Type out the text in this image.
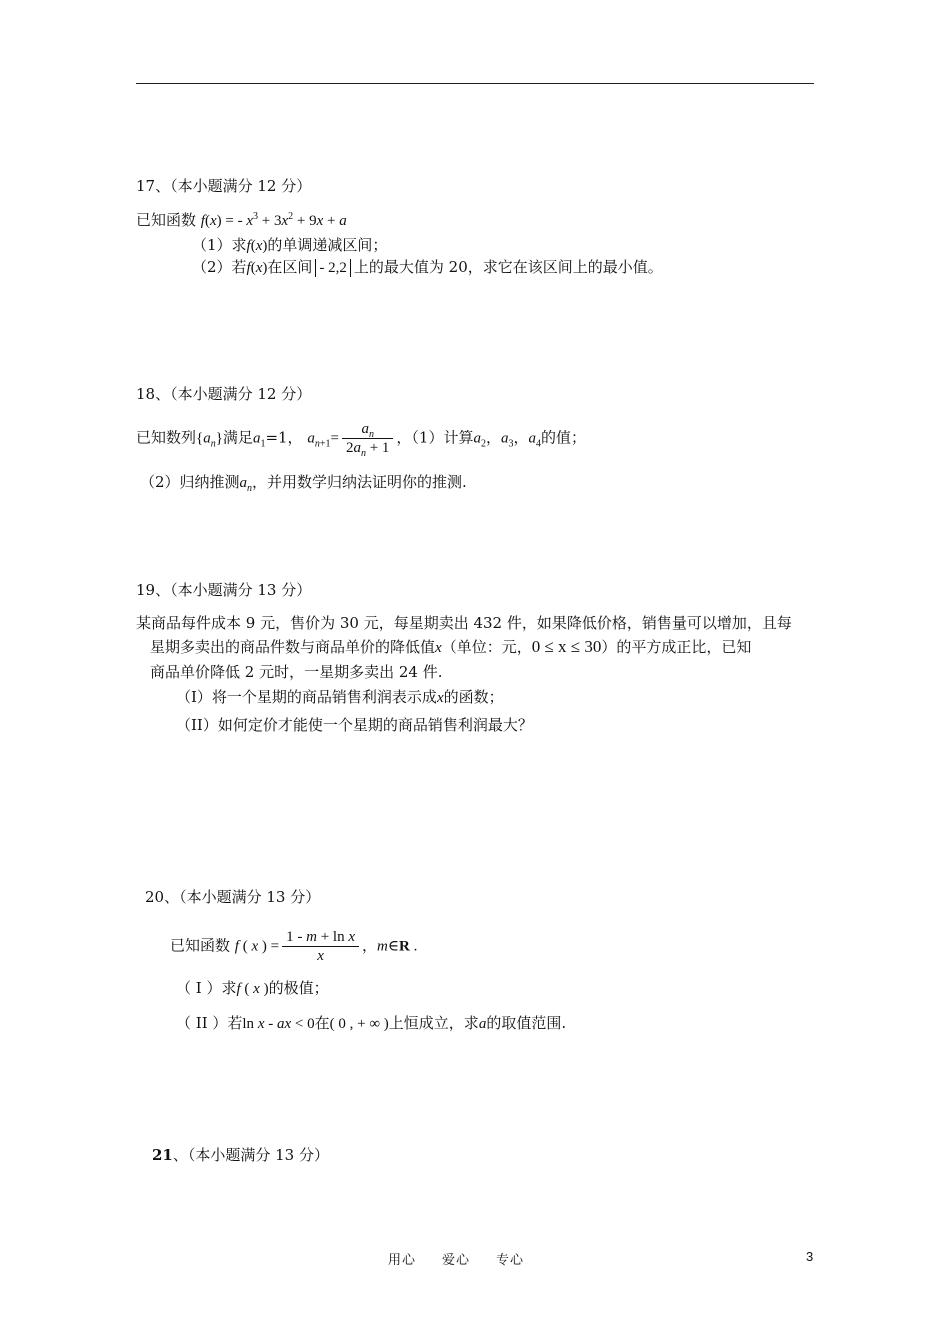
17、（本小题满分 12 分）
已知函数 f(x) = - $x^3 + 3x^2 + 9x + a$
（1）求f(x)的单调递减区间；
（2）若f(x)在区间 - 2,2 上的最大值为 20，求它在该区间上的最小值。
18、（本小题满分 12 分）
已知数列$\{a_n\}$满足$a_1=1$， $a_{n+1}= \frac{a_n}{2a_n + 1}$ ，（1）计算$a_2$，$a_3$，$a_4$的值；
（2）归纳推测$a_n$，并用数学归纳法证明你的推测.
19、（本小题满分 13 分）
某商品每件成本 9 元，售价为 30 元，每星期卖出 432 件，如果降低价格，销售量可以增加，且每
星期多卖出的商品件数与商品单价的降低值x（单位：元，0 ≤ x ≤ 30）的平方成正比，已知
商品单价降低 2 元时，一星期多卖出 24 件.
（I）将一个星期的商品销售利润表示成x的函数；
（II）如何定价才能使一个星期的商品销售利润最大？
20、（本小题满分 13 分）
已知函数 f ( x ) = $\frac{\text{1 - m + ln x}}{x}$ ，m∈R .
（ I ）求f ( x )的极值；
（ II ）若ln x - ax < 0在( 0 , + ∞ )上恒成立，求a的取值范围.
21、（本小题满分 13 分）
用心 爱心 专心	3
